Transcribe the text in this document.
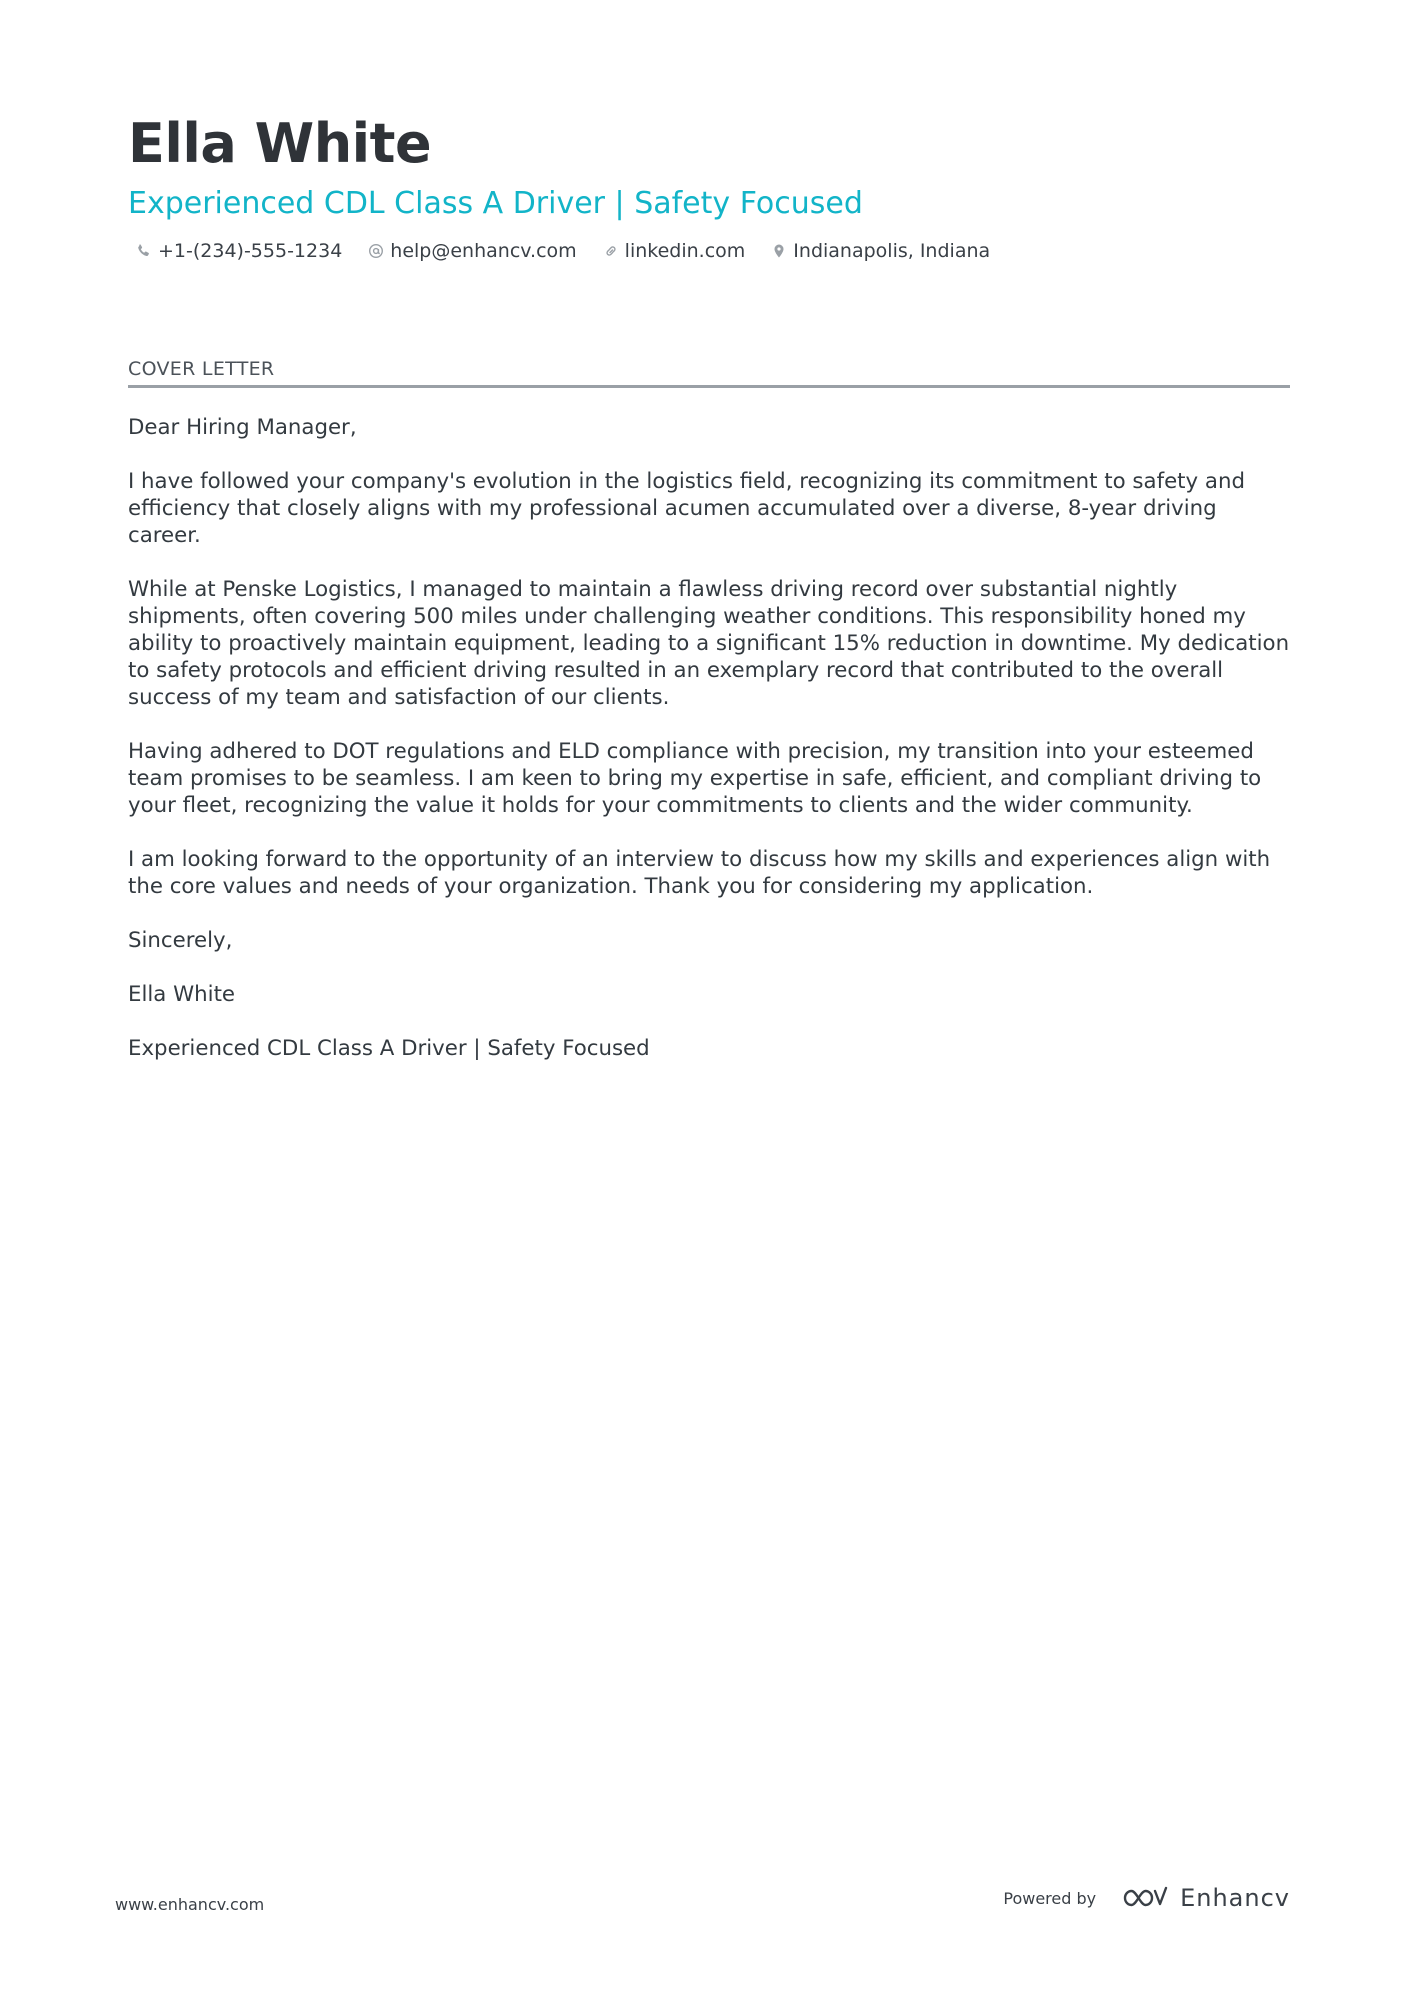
Ella White
Experienced CDL Class A Driver | Safety Focused
+1-(234)-555-1234	help@enhancv.com	linkedin.com	Indianapolis, Indiana
COVER LETTER

Dear Hiring Manager,

I have followed your company's evolution in the logistics field, recognizing its commitment to safety and efficiency that closely aligns with my professional acumen accumulated over a diverse, 8-year driving career.

While at Penske Logistics, I managed to maintain a flawless driving record over substantial nightly shipments, often covering 500 miles under challenging weather conditions. This responsibility honed my ability to proactively maintain equipment, leading to a significant 15% reduction in downtime. My dedication to safety protocols and efficient driving resulted in an exemplary record that contributed to the overall success of my team and satisfaction of our clients.

Having adhered to DOT regulations and ELD compliance with precision, my transition into your esteemed team promises to be seamless. I am keen to bring my expertise in safe, efficient, and compliant driving to your fleet, recognizing the value it holds for your commitments to clients and the wider community.

I am looking forward to the opportunity of an interview to discuss how my skills and experiences align with the core values and needs of your organization. Thank you for considering my application.

Sincerely,

Ella White

Experienced CDL Class A Driver | Safety Focused

www.enhancv.com	Powered by	Enhancv
